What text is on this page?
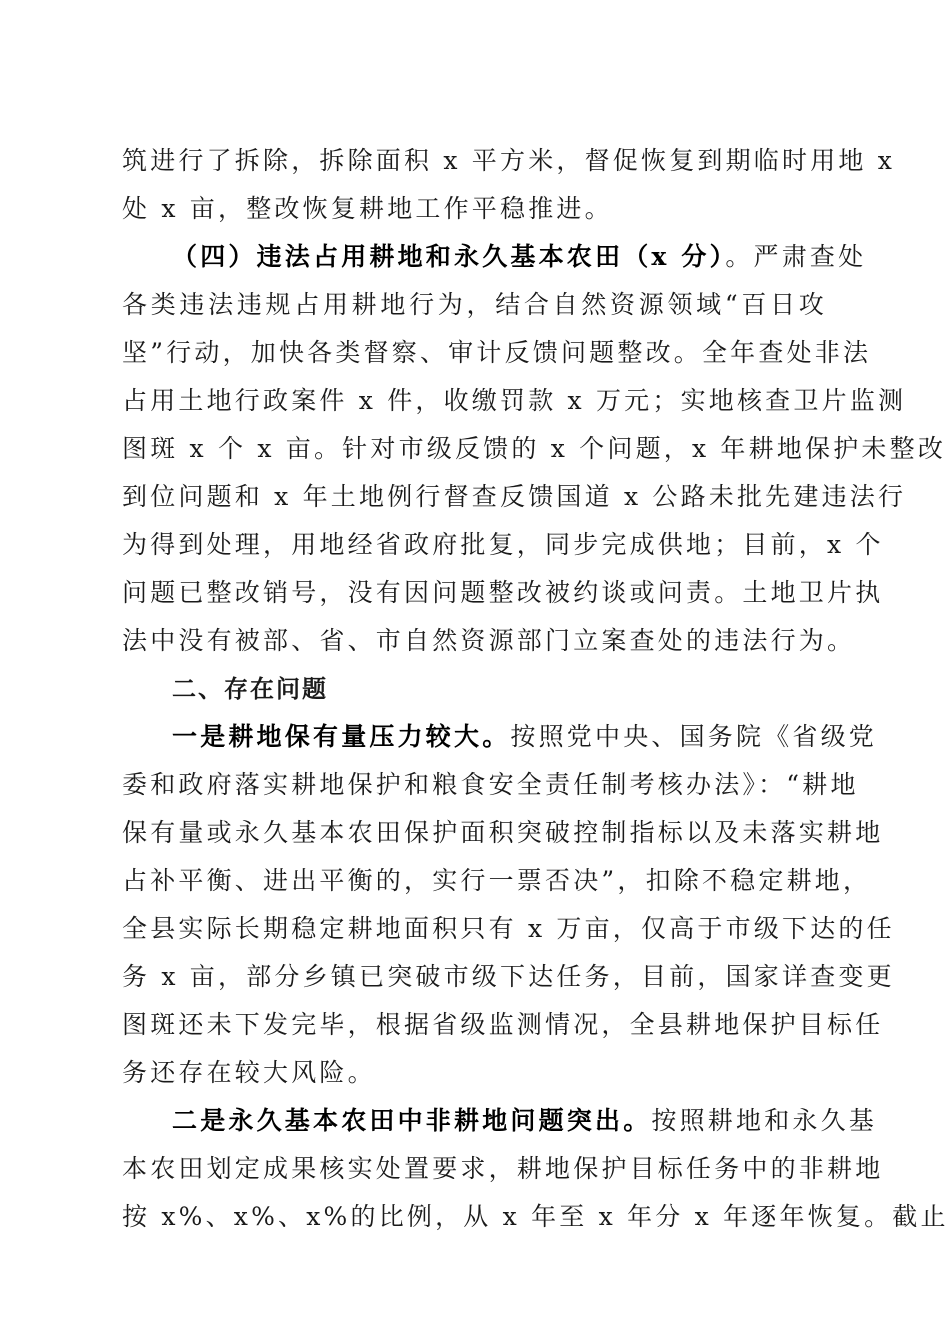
筑进行了拆除，拆除面积 x 平方米，督促恢复到期临时用地 x
处 x 亩，整改恢复耕地工作平稳推进。
（四）违法占用耕地和永久基本农田（x 分）。严肃查处
各类违法违规占用耕地行为，结合自然资源领域“百日攻
坚”行动，加快各类督察、审计反馈问题整改。全年查处非法
占用土地行政案件 x 件，收缴罚款 x 万元；实地核查卫片监测
图斑 x 个 x 亩。针对市级反馈的 x 个问题，x 年耕地保护未整改
到位问题和 x 年土地例行督查反馈国道 x 公路未批先建违法行
为得到处理，用地经省政府批复，同步完成供地；目前，x 个
问题已整改销号，没有因问题整改被约谈或问责。土地卫片执
法中没有被部、省、市自然资源部门立案查处的违法行为。
二、存在问题
一是耕地保有量压力较大。按照党中央、国务院《省级党
委和政府落实耕地保护和粮食安全责任制考核办法》：“耕地
保有量或永久基本农田保护面积突破控制指标以及未落实耕地
占补平衡、进出平衡的，实行一票否决”，扣除不稳定耕地，
全县实际长期稳定耕地面积只有 x 万亩，仅高于市级下达的任
务 x 亩，部分乡镇已突破市级下达任务，目前，国家详查变更
图斑还未下发完毕，根据省级监测情况，全县耕地保护目标任
务还存在较大风险。
二是永久基本农田中非耕地问题突出。按照耕地和永久基
本农田划定成果核实处置要求，耕地保护目标任务中的非耕地
按 x%、x%、x%的比例，从 x 年至 x 年分 x 年逐年恢复。截止
